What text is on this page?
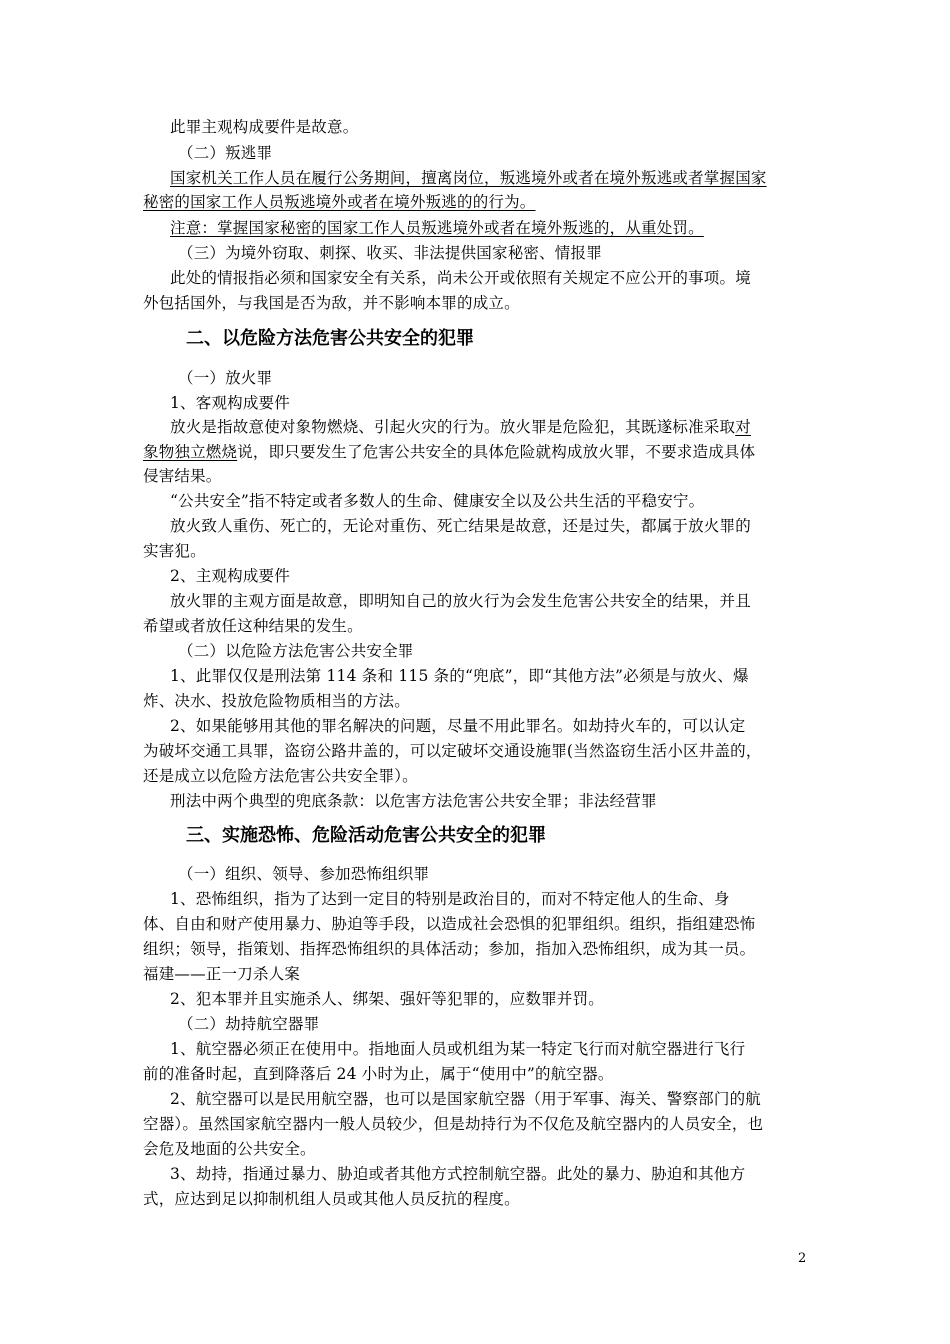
此罪主观构成要件是故意。
（二）叛逃罪
国家机关工作人员在履行公务期间，擅离岗位，叛逃境外或者在境外叛逃或者掌握国家
秘密的国家工作人员叛逃境外或者在境外叛逃的的行为。
注意：掌握国家秘密的国家工作人员叛逃境外或者在境外叛逃的，从重处罚。
（三）为境外窃取、刺探、收买、非法提供国家秘密、情报罪
此处的情报指必须和国家安全有关系，尚未公开或依照有关规定不应公开的事项。境
外包括国外，与我国是否为敌，并不影响本罪的成立。
二、以危险方法危害公共安全的犯罪
（一）放火罪
1、客观构成要件
放火是指故意使对象物燃烧、引起火灾的行为。放火罪是危险犯，其既遂标准采取对
象物独立燃烧说，即只要发生了危害公共安全的具体危险就构成放火罪，不要求造成具体
侵害结果。
“公共安全”指不特定或者多数人的生命、健康安全以及公共生活的平稳安宁。
放火致人重伤、死亡的，无论对重伤、死亡结果是故意，还是过失，都属于放火罪的
实害犯。
2、主观构成要件
放火罪的主观方面是故意，即明知自己的放火行为会发生危害公共安全的结果，并且
希望或者放任这种结果的发生。
（二）以危险方法危害公共安全罪
1、此罪仅仅是刑法第 114 条和 115 条的“兜底”，即“其他方法”必须是与放火、爆
炸、决水、投放危险物质相当的方法。
2、如果能够用其他的罪名解决的问题，尽量不用此罪名。如劫持火车的，可以认定
为破坏交通工具罪，盗窃公路井盖的，可以定破坏交通设施罪(当然盗窃生活小区井盖的，
还是成立以危险方法危害公共安全罪）。
刑法中两个典型的兜底条款：以危害方法危害公共安全罪；非法经营罪
三、实施恐怖、危险活动危害公共安全的犯罪
（一）组织、领导、参加恐怖组织罪
1、恐怖组织，指为了达到一定目的特别是政治目的，而对不特定他人的生命、身
体、自由和财产使用暴力、胁迫等手段，以造成社会恐惧的犯罪组织。组织，指组建恐怖
组织；领导，指策划、指挥恐怖组织的具体活动；参加，指加入恐怖组织，成为其一员。
福建——正一刀杀人案
2、犯本罪并且实施杀人、绑架、强奸等犯罪的，应数罪并罚。
（二）劫持航空器罪
1、航空器必须正在使用中。指地面人员或机组为某一特定飞行而对航空器进行飞行
前的准备时起，直到降落后 24 小时为止，属于“使用中”的航空器。
2、航空器可以是民用航空器，也可以是国家航空器（用于军事、海关、警察部门的航
空器）。虽然国家航空器内一般人员较少，但是劫持行为不仅危及航空器内的人员安全，也
会危及地面的公共安全。
3、劫持，指通过暴力、胁迫或者其他方式控制航空器。此处的暴力、胁迫和其他方
式，应达到足以抑制机组人员或其他人员反抗的程度。
2
